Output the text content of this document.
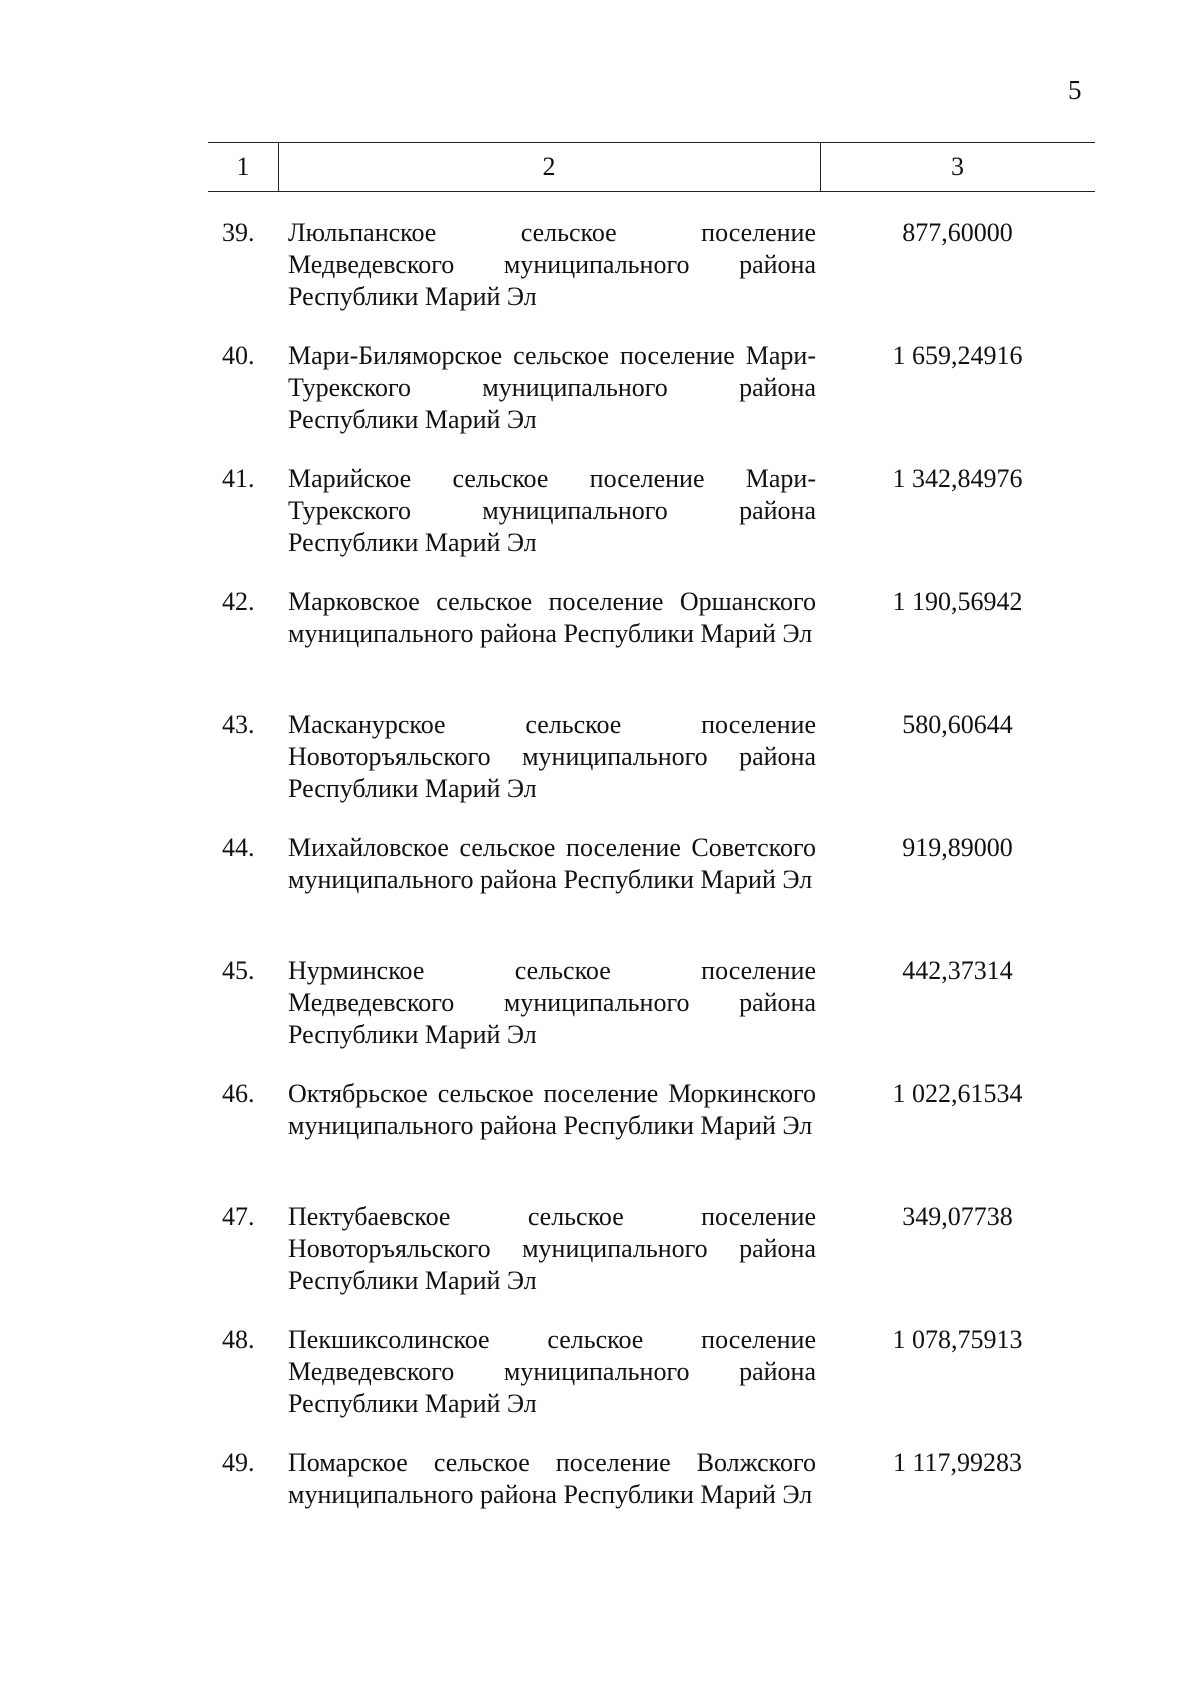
5
1	2	3
39. Люльпанское сельское поселение Медведевского муниципального района Республики Марий Эл
877,60000
40. Мари-Биляморское сельское поселение Мари-Турекского муниципального района Республики Марий Эл
1 659,24916
41. Марийское сельское поселение Мари-Турекского муниципального района Республики Марий Эл
1 342,84976
42. Марковское сельское поселение Оршанского муниципального района Республики Марий Эл
1 190,56942
43. Масканурское сельское поселение Новоторъяльского муниципального района Республики Марий Эл
580,60644
44. Михайловское сельское поселение Советского муниципального района Республики Марий Эл
919,89000
45. Нурминское сельское поселение Медведевского муниципального района Республики Марий Эл
442,37314
46. Октябрьское сельское поселение Моркинского муниципального района Республики Марий Эл
1 022,61534
47. Пектубаевское сельское поселение Новоторъяльского муниципального района Республики Марий Эл
349,07738
48. Пекшиксолинское сельское поселение Медведевского муниципального района Республики Марий Эл
1 078,75913
49. Помарское сельское поселение Волжского муниципального района Республики Марий Эл
1 117,99283
